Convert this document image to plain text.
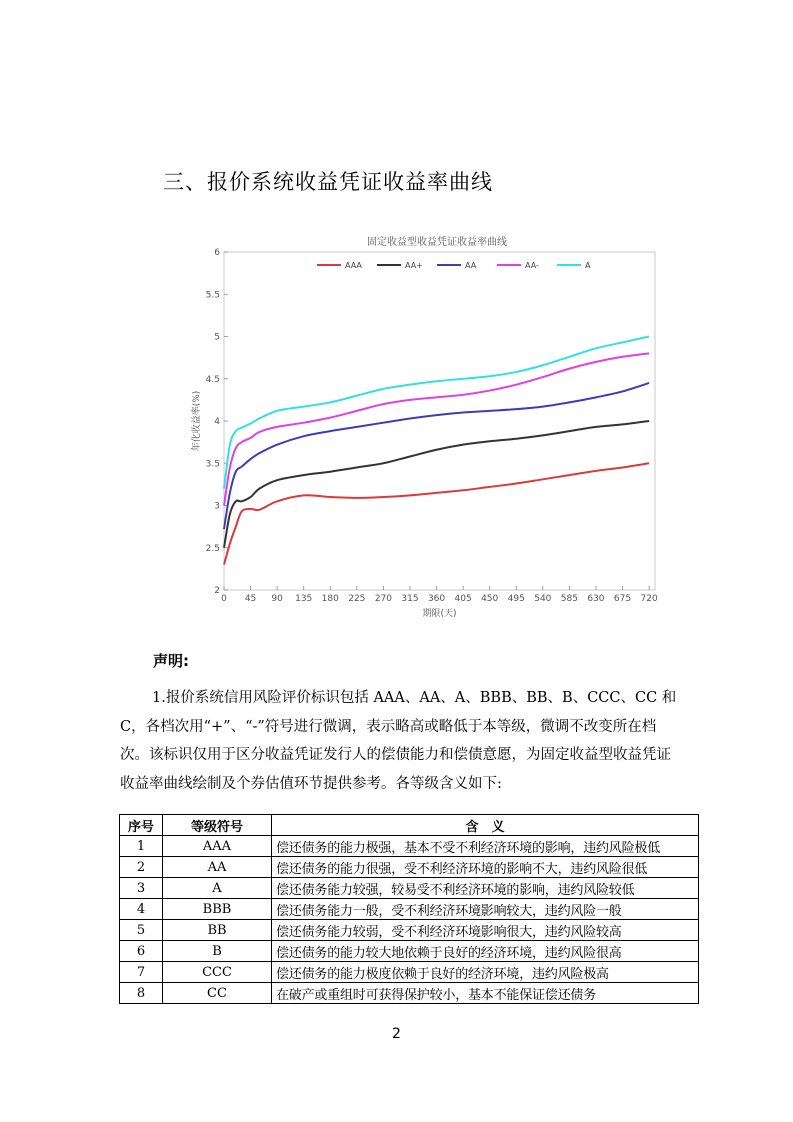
三、报价系统收益凭证收益率曲线
固定收益型收益凭证收益率曲线
2
2.5
3
3.5
4
4.5
5
5.5
6
0 45 90 135 180 225 270 315 360 405 450 495 540 585 630 675 720
期限(天)
年化收益率(%)
AAA	AA+	AA	AA-	A
声明:
1.报价系统信用风险评价标识包括 AAA、AA、A、BBB、BB、B、CCC、CC 和 C，各档次用“+”、“-”符号进行微调，表示略高或略低于本等级，微调不改变所在档次。该标识仅用于区分收益凭证发行人的偿债能力和偿债意愿，为固定收益型收益凭证收益率曲线绘制及个券估值环节提供参考。各等级含义如下:
序号	等级符号	含　义
1	AAA	偿还债务的能力极强，基本不受不利经济环境的影响，违约风险极低
2	AA	偿还债务的能力很强，受不利经济环境的影响不大，违约风险很低
3	A	偿还债务能力较强，较易受不利经济环境的影响，违约风险较低
4	BBB	偿还债务能力一般，受不利经济环境影响较大，违约风险一般
5	BB	偿还债务能力较弱，受不利经济环境影响很大，违约风险较高
6	B	偿还债务的能力较大地依赖于良好的经济环境，违约风险很高
7	CCC	偿还债务的能力极度依赖于良好的经济环境，违约风险极高
8	CC	在破产或重组时可获得保护较小，基本不能保证偿还债务
2
